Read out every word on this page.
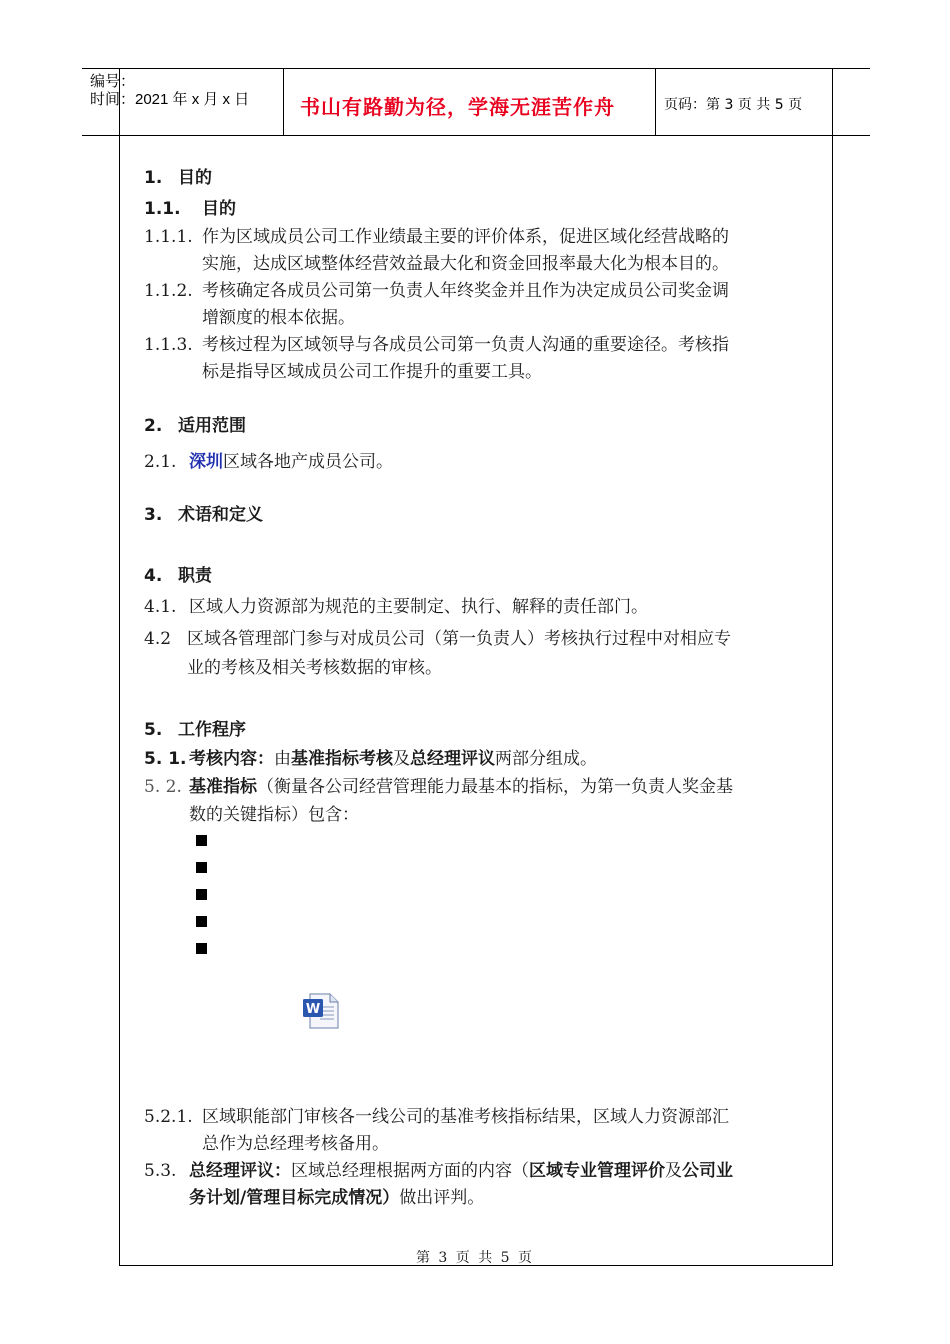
编号：
时间：2021 年 x 月 x 日	书山有路勤为径，学海无涯苦作舟	页码：第 3 页 共 5 页
1. 目的
1.1. 目的
1.1.1. 作为区域成员公司工作业绩最主要的评价体系，促进区域化经营战略的
实施，达成区域整体经营效益最大化和资金回报率最大化为根本目的。
1.1.2. 考核确定各成员公司第一负责人年终奖金并且作为决定成员公司奖金调
增额度的根本依据。
1.1.3. 考核过程为区域领导与各成员公司第一负责人沟通的重要途径。考核指
标是指导区域成员公司工作提升的重要工具。
2. 适用范围
2.1. 深圳区域各地产成员公司。
3. 术语和定义
4. 职责
4.1. 区域人力资源部为规范的主要制定、执行、解释的责任部门。
4.2 区域各管理部门参与对成员公司（第一负责人）考核执行过程中对相应专
业的考核及相关考核数据的审核。
5. 工作程序
5. 1. 考核内容：由基准指标考核及总经理评议两部分组成。
5. 2. 基准指标（衡量各公司经营管理能力最基本的指标，为第一负责人奖金基
数的关键指标）包含：
W
5.2.1. 区域职能部门审核各一线公司的基准考核指标结果，区域人力资源部汇
总作为总经理考核备用。
5.3. 总经理评议：区域总经理根据两方面的内容（区域专业管理评价及公司业
务计划/管理目标完成情况）做出评判。
第 3 页 共 5 页
